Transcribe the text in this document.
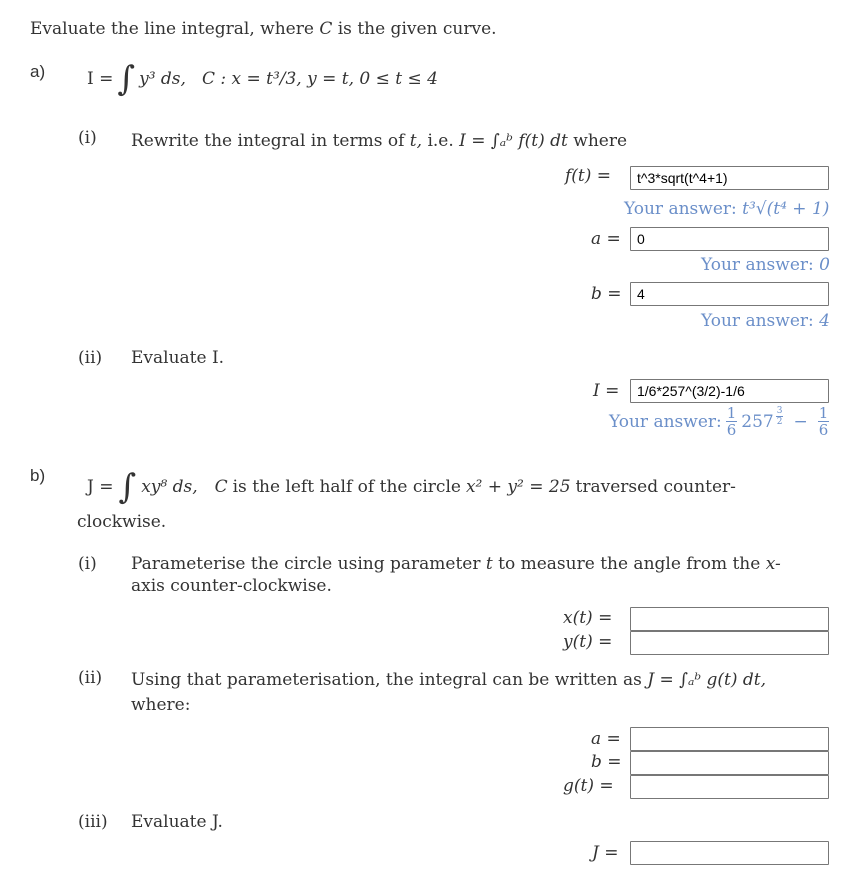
Evaluate the line integral, where C is the given curve.
a) I = ∫ y³ ds, C : x = t³/3, y = t, 0 ≤ t ≤ 4
(i) Rewrite the integral in terms of t, i.e. I = ∫ₐᵇ f(t) dt where
f(t) =	t^3*sqrt(t^4+1)
Your answer: t³√(t⁴ + 1)
a =	0
Your answer: 0
b =	4
Your answer: 4
(ii) Evaluate I.
I =	1/6*257^(3/2)-1/6
Your answer: $\frac{1}{6} 257 \frac{3}{2} - \frac{1}{6}$
b)
J = ∫ xy⁸ ds, C is the left half of the circle x² + y² = 25 traversed counter-
clockwise.
(i) Parameterise the circle using parameter t to measure the angle from the x-
axis counter-clockwise.
x(t) =
y(t) =
(ii) Using that parameterisation, the integral can be written as J = ∫ₐᵇ g(t) dt,
where:
a =
b =
g(t) =
(iii) Evaluate J.
J =
